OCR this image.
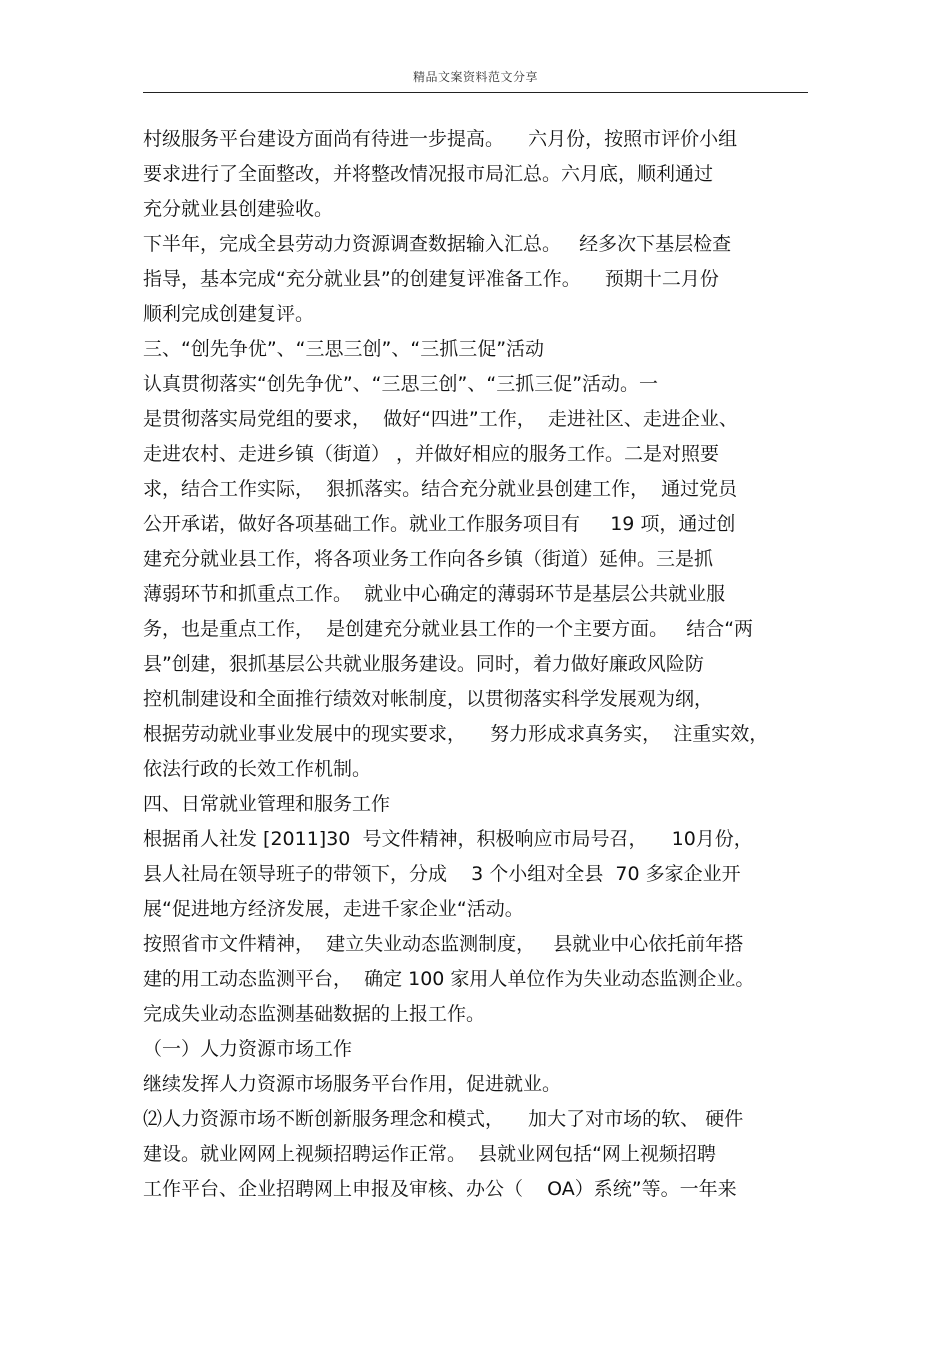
精品文案资料范文分享
村级服务平台建设方面尚有待进一步提高。    六月份，按照市评价小组
要求进行了全面整改，并将整改情况报市局汇总。六月底，顺利通过
充分就业县创建验收。
下半年，完成全县劳动力资源调查数据输入汇总。   经多次下基层检查
指导，基本完成“充分就业县”的创建复评准备工作。    预期十二月份
顺利完成创建复评。
三、“创先争优”、“三思三创”、“三抓三促”活动
认真贯彻落实“创先争优”、“三思三创”、“三抓三促”活动。一
是贯彻落实局党组的要求，  做好“四进”工作，  走进社区、走进企业、
走进农村、走进乡镇（街道） ，并做好相应的服务工作。二是对照要
求，结合工作实际，  狠抓落实。结合充分就业县创建工作，  通过党员
公开承诺，做好各项基础工作。就业工作服务项目有     19 项，通过创
建充分就业县工作，将各项业务工作向各乡镇（街道）延伸。三是抓
薄弱环节和抓重点工作。  就业中心确定的薄弱环节是基层公共就业服
务，也是重点工作，  是创建充分就业县工作的一个主要方面。   结合“两
县”创建，狠抓基层公共就业服务建设。同时，着力做好廉政风险防
控机制建设和全面推行绩效对帐制度，以贯彻落实科学发展观为纲，
根据劳动就业事业发展中的现实要求，    努力形成求真务实，  注重实效，
依法行政的长效工作机制。
四、日常就业管理和服务工作
根据甬人社发 [2011]30  号文件精神，积极响应市局号召，    10月份，
县人社局在领导班子的带领下，分成    3 个小组对全县  70 多家企业开
展“促进地方经济发展，走进千家企业“活动。
按照省市文件精神，  建立失业动态监测制度，   县就业中心依托前年搭
建的用工动态监测平台，  确定 100 家用人单位作为失业动态监测企业。
完成失业动态监测基础数据的上报工作。
（一）人力资源市场工作
继续发挥人力资源市场服务平台作用，促进就业。
⑵人力资源市场不断创新服务理念和模式，    加大了对市场的软、 硬件
建设。就业网网上视频招聘运作正常。  县就业网包括“网上视频招聘
工作平台、企业招聘网上申报及审核、办公（    OA）系统”等。一年来
